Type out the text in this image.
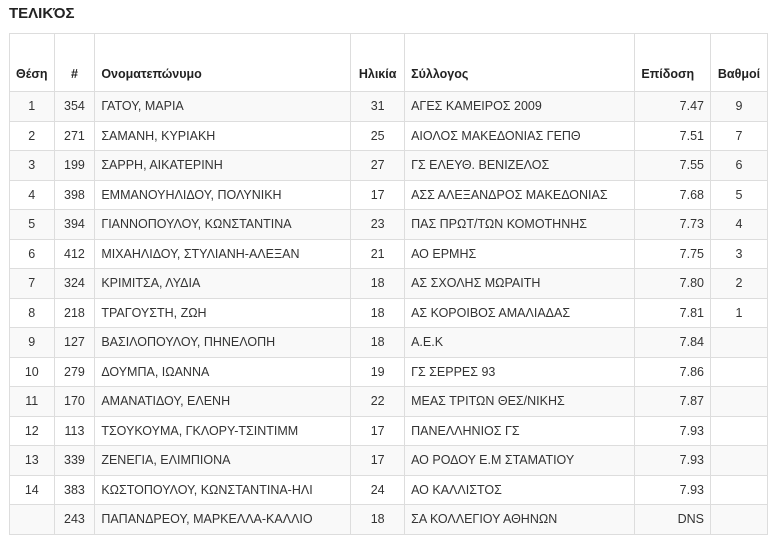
ΤΕΛΙΚΌΣ
Θέση	#	Ονοματεπώνυμο	Ηλικία	Σύλλογος	Επίδοση	Βαθμοί
1	354	ΓΑΤΟΥ, ΜΑΡΙΑ	31	ΑΓΕΣ ΚΑΜΕΙΡΟΣ 2009	7.47	9
2	271	ΣΑΜΑΝΗ, ΚΥΡΙΑΚΗ	25	ΑΙΟΛΟΣ ΜΑΚΕΔΟΝΙΑΣ ΓΕΠΘ	7.51	7
3	199	ΣΑΡΡΗ, ΑΙΚΑΤΕΡΙΝΗ	27	ΓΣ ΕΛΕΥΘ. ΒΕΝΙΖΕΛΟΣ	7.55	6
4	398	ΕΜΜΑΝΟΥΗΛΙΔΟΥ, ΠΟΛΥΝΙΚΗ	17	ΑΣΣ ΑΛΕΞΑΝΔΡΟΣ ΜΑΚΕΔΟΝΙΑΣ	7.68	5
5	394	ΓΙΑΝΝΟΠΟΥΛΟΥ, ΚΩΝΣΤΑΝΤΙΝΑ	23	ΠΑΣ ΠΡΩΤ/ΤΩΝ ΚΟΜΟΤΗΝΗΣ	7.73	4
6	412	ΜΙΧΑΗΛΙΔΟΥ, ΣΤΥΛΙΑΝΗ-ΑΛΕΞΑΝ	21	ΑΟ ΕΡΜΗΣ	7.75	3
7	324	ΚΡΙΜΙΤΣΑ, ΛΥΔΙΑ	18	ΑΣ ΣΧΟΛΗΣ ΜΩΡΑΙΤΗ	7.80	2
8	218	ΤΡΑΓΟΥΣΤΗ, ΖΩΗ	18	ΑΣ ΚΟΡΟΙΒΟΣ ΑΜΑΛΙΑΔΑΣ	7.81	1
9	127	ΒΑΣΙΛΟΠΟΥΛΟΥ, ΠΗΝΕΛΟΠΗ	18	Α.Ε.Κ	7.84	
10	279	ΔΟΥΜΠΑ, ΙΩΑΝΝΑ	19	ΓΣ ΣΕΡΡΕΣ 93	7.86	
11	170	ΑΜΑΝΑΤΙΔΟΥ, ΕΛΕΝΗ	22	ΜΕΑΣ ΤΡΙΤΩΝ ΘΕΣ/ΝΙΚΗΣ	7.87	
12	113	ΤΣΟΥΚΟΥΜΑ, ΓΚΛΟΡΥ-ΤΣΙΝΤΙΜΜ	17	ΠΑΝΕΛΛΗΝΙΟΣ ΓΣ	7.93	
13	339	ΖΕΝΕΓΙΑ, ΕΛΙΜΠΙΟΝΑ	17	ΑΟ ΡΟΔΟΥ Ε.Μ ΣΤΑΜΑΤΙΟΥ	7.93	
14	383	ΚΩΣΤΟΠΟΥΛΟΥ, ΚΩΝΣΤΑΝΤΙΝΑ-ΗΛΙ	24	ΑΟ ΚΑΛΛΙΣΤΟΣ	7.93	
	243	ΠΑΠΑΝΔΡΕΟΥ, ΜΑΡΚΕΛΛΑ-ΚΑΛΛΙΟ	18	ΣΑ ΚΟΛΛΕΓΙΟΥ ΑΘΗΝΩΝ	DNS	
